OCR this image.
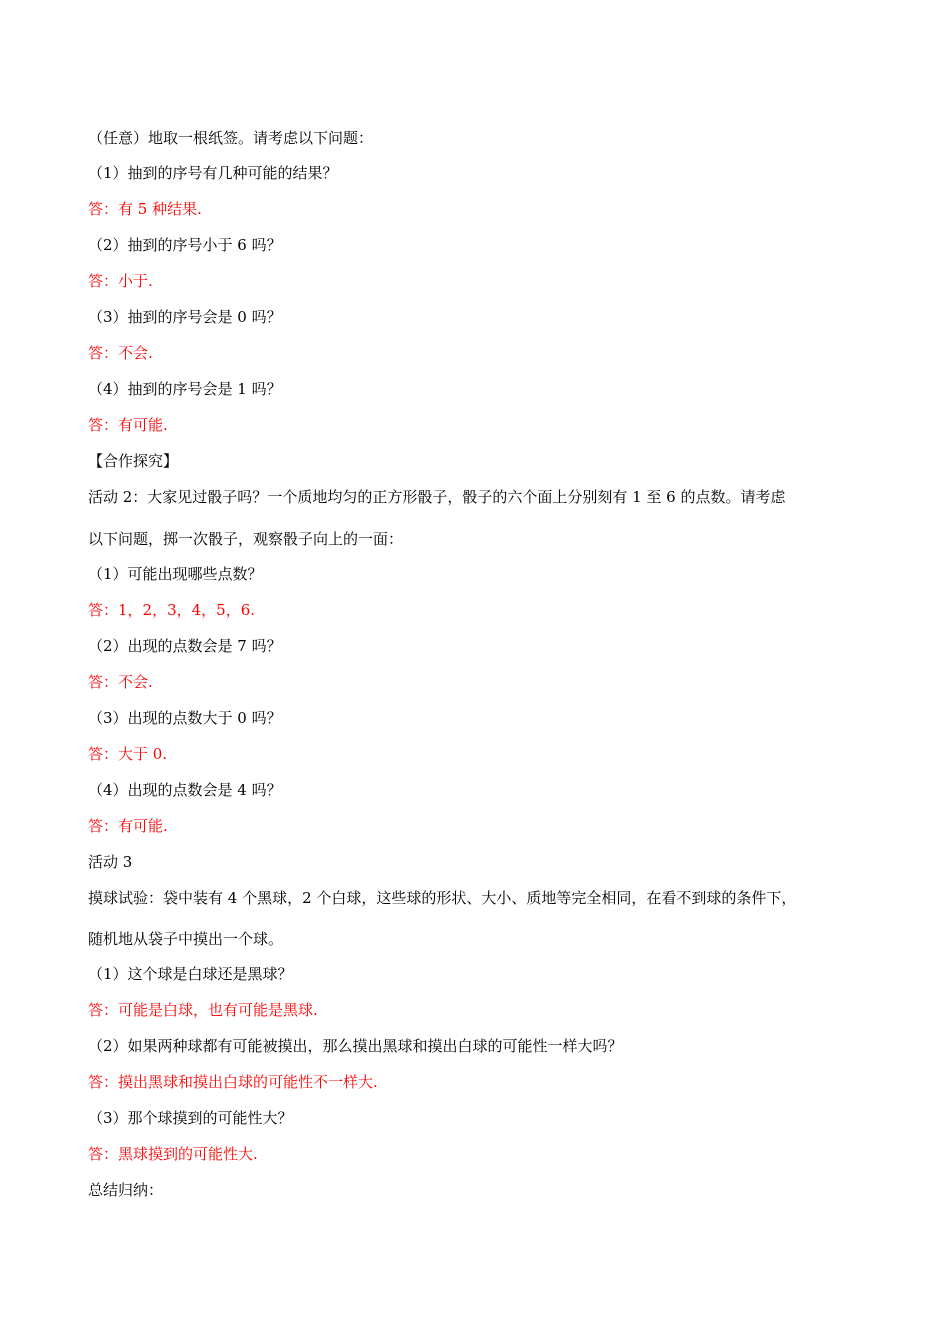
（任意）地取一根纸签。请考虑以下问题：
（1）抽到的序号有几种可能的结果？
答：有 5 种结果.
（2）抽到的序号小于 6 吗？
答：小于.
（3）抽到的序号会是 0 吗？
答：不会.
（4）抽到的序号会是 1 吗？
答：有可能.
【合作探究】
活动 2：大家见过骰子吗？一个质地均匀的正方形骰子，骰子的六个面上分别刻有 1 至 6 的点数。请考虑
以下问题，掷一次骰子，观察骰子向上的一面：
（1）可能出现哪些点数？
答：1，2，3，4，5，6.
（2）出现的点数会是 7 吗？
答：不会.
（3）出现的点数大于 0 吗？
答：大于 0.
（4）出现的点数会是 4 吗？
答：有可能.
活动 3
摸球试验：袋中装有 4 个黑球，2 个白球，这些球的形状、大小、质地等完全相同，在看不到球的条件下，
随机地从袋子中摸出一个球。
（1）这个球是白球还是黑球？
答：可能是白球，也有可能是黑球.
（2）如果两种球都有可能被摸出，那么摸出黑球和摸出白球的可能性一样大吗？
答：摸出黑球和摸出白球的可能性不一样大.
（3）那个球摸到的可能性大？
答：黑球摸到的可能性大.
总结归纳：
